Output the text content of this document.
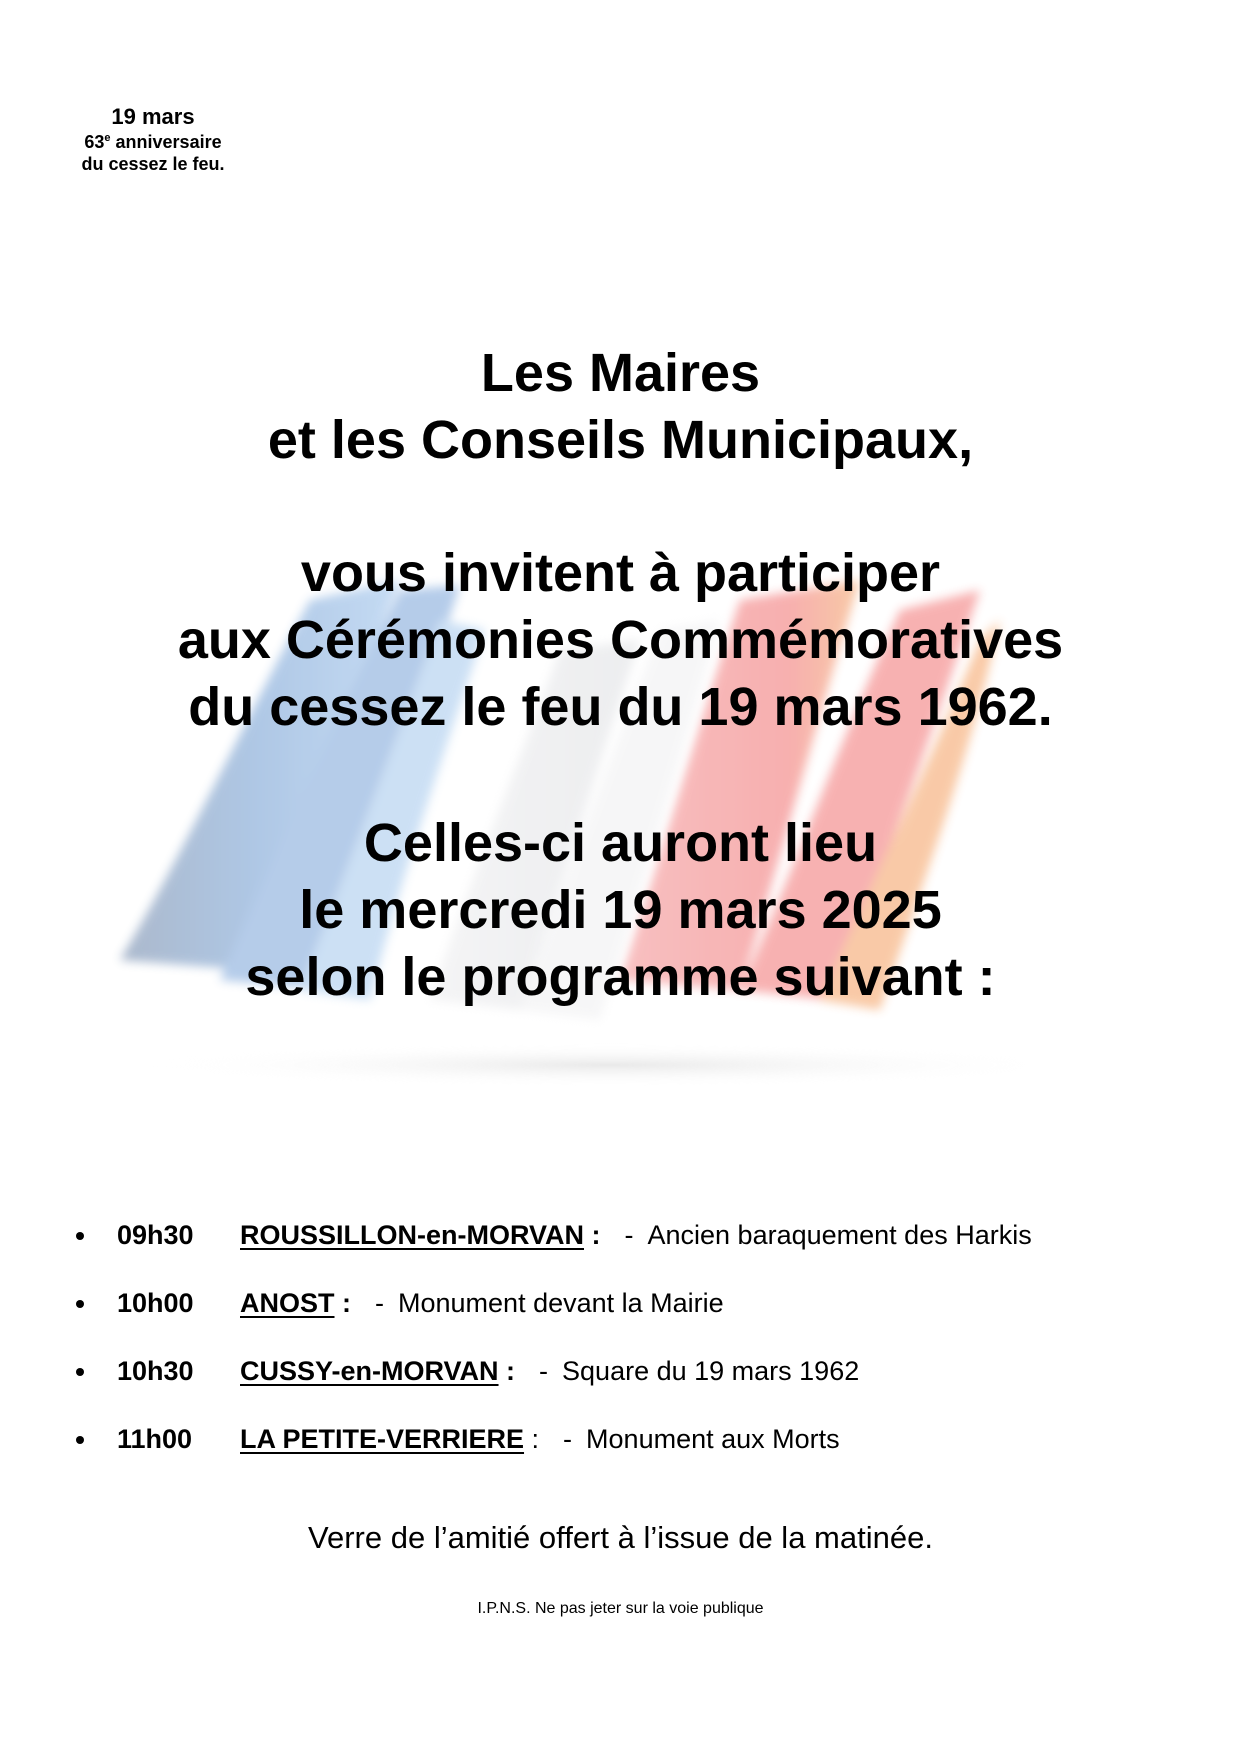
19 mars
63e anniversaire
du cessez le feu.
Les Maires
et les Conseils Municipaux,
vous invitent à participer
aux Cérémonies Commémoratives
du cessez le feu du 19 mars 1962.
Celles-ci auront lieu
le mercredi 19 mars 2025
selon le programme suivant :
09h30 ROUSSILLON-en-MORVAN : - Ancien baraquement des Harkis
10h00 ANOST : - Monument devant la Mairie
10h30 CUSSY-en-MORVAN : - Square du 19 mars 1962
11h00 LA PETITE-VERRIERE : - Monument aux Morts
Verre de l’amitié offert à l’issue de la matinée.
I.P.N.S. Ne pas jeter sur la voie publique
